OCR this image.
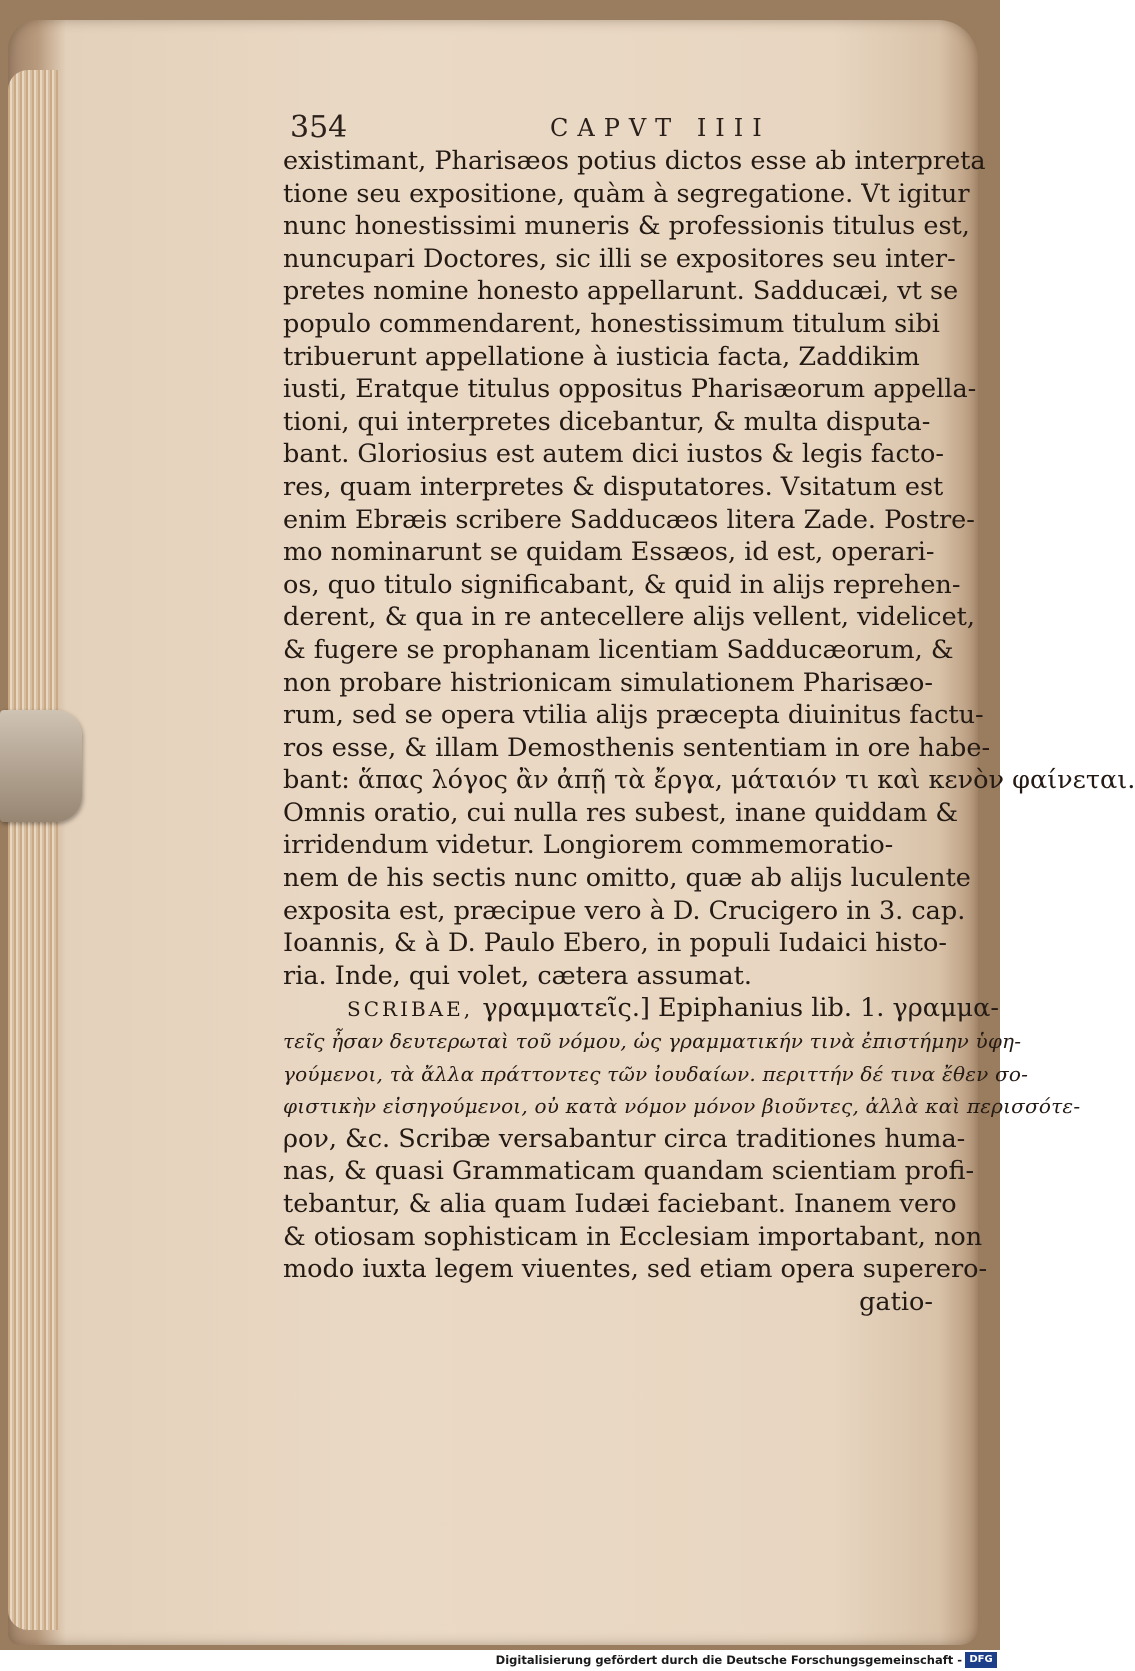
354	CAPVT IIII
existimant, Pharisæos potius dictos esse ab interpreta
tione seu expositione, quàm à segregatione. Vt igitur
nunc honestissimi muneris & professionis titulus est,
nuncupari Doctores, sic illi se expositores seu inter-
pretes nomine honesto appellarunt. Sadducæi, vt se
populo commendarent, honestissimum titulum sibi
tribuerunt appellatione à iusticia facta, Zaddikim
iusti, Eratque titulus oppositus Pharisæorum appella-
tioni, qui interpretes dicebantur, & multa disputa-
bant. Gloriosius est autem dici iustos & legis facto-
res, quam interpretes & disputatores. Vsitatum est
enim Ebræis scribere Sadducæos litera Zade. Postre-
mo nominarunt se quidam Essæos, id est, operari-
os, quo titulo significabant, & quid in alijs reprehen-
derent, & qua in re antecellere alijs vellent, videlicet,
& fugere se prophanam licentiam Sadducæorum, &
non probare histrionicam simulationem Pharisæo-
rum, sed se opera vtilia alijs præcepta diuinitus factu-
ros esse, & illam Demosthenis sententiam in ore habe-
bant: ἅπας λόγος ἂν ἀπῇ τὰ ἔργα, μάταιόν τι καὶ κενὸν φαίνεται.
Omnis oratio, cui nulla res subest, inane quiddam &
irridendum videtur. Longiorem commemoratio-
nem de his sectis nunc omitto, quæ ab alijs luculente
exposita est, præcipue vero à D. Crucigero in 3. cap.
Ioannis, & à D. Paulo Ebero, in populi Iudaici histo-
ria. Inde, qui volet, cætera assumat.
SCRIBAE, γραμματεῖς.] Epiphanius lib. 1. γραμμα-
τεῖς ἦσαν δευτερωταὶ τοῦ νόμου, ὡς γραμματικήν τινὰ ἐπιστήμην ὑφη-
γούμενοι, τὰ ἄλλα πράττοντες τῶν ἰουδαίων. περιττήν δέ τινα ἔθεν σο-
φιστικὴν εἰσηγούμενοι, οὐ κατὰ νόμον μόνον βιοῦντες, ἀλλὰ καὶ περισσότε-
ρον, &c. Scribæ versabantur circa traditiones huma-
nas, & quasi Grammaticam quandam scientiam profi-
tebantur, & alia quam Iudæi faciebant. Inanem vero
& otiosam sophisticam in Ecclesiam importabant, non
modo iuxta legem viuentes, sed etiam opera superero-
gatio-
Digitalisierung gefördert durch die Deutsche Forschungsgemeinschaft - DFG
